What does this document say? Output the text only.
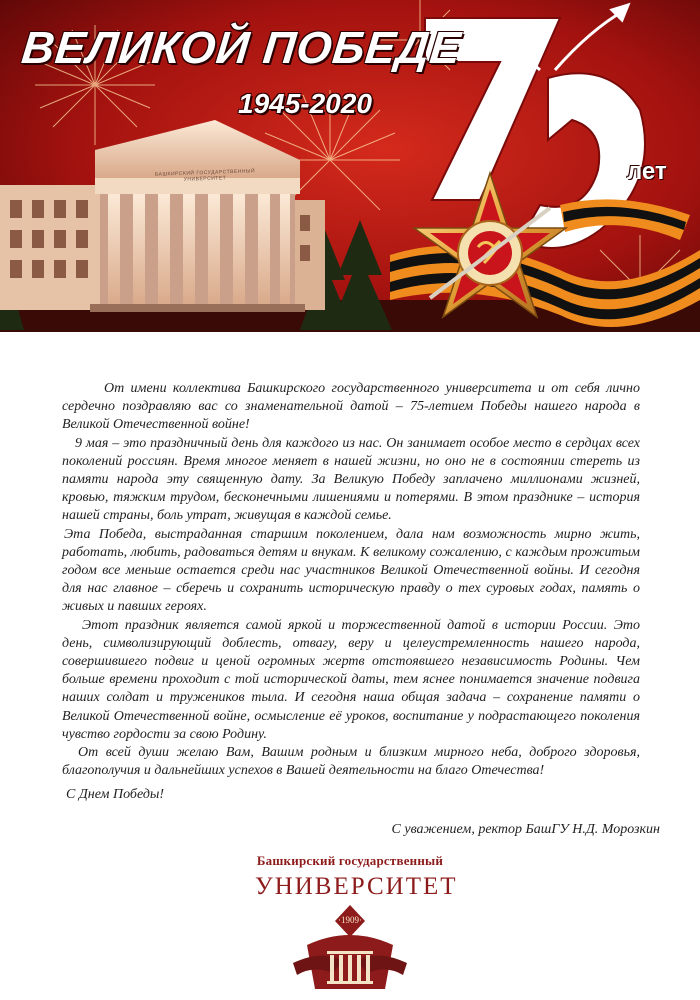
ВЕЛИКОЙ ПОБЕДЕ
1945-2020
лет
БАШКИРСКИЙ ГОСУДАРСТВЕННЫЙ УНИВЕРСИТЕТ

От имени коллектива Башкирского государственного университета и от себя лично сердечно поздравляю вас со знаменательной датой – 75-летием Победы нашего народа в Великой Отечественной войне!

9 мая – это праздничный день для каждого из нас. Он занимает особое место в сердцах всех поколений россиян. Время многое меняет в нашей жизни, но оно не в состоянии стереть из памяти народа эту священную дату. За Великую Победу заплачено миллионами жизней, кровью, тяжким трудом, бесконечными лишениями и потерями. В этом празднике – история нашей страны, боль утрат, живущая в каждой семье.

Эта Победа, выстраданная старшим поколением, дала нам возможность мирно жить, работать, любить, радоваться детям и внукам. К великому сожалению, с каждым прожитым годом все меньше остается среди нас участников Великой Отечественной войны. И сегодня для нас главное – сберечь и сохранить историческую правду о тех суровых годах, память о живых и павших героях.

Этот праздник является самой яркой и торжественной датой в истории России. Это день, символизирующий доблесть, отвагу, веру и целеустремленность нашего народа, совершившего подвиг и ценой огромных жертв отстоявшего независимость Родины. Чем больше времени проходит с той исторической даты, тем яснее понимается значение подвига наших солдат и тружеников тыла. И сегодня наша общая задача – сохранение памяти о Великой Отечественной войне, осмысление её уроков, воспитание у подрастающего поколения чувство гордости за свою Родину.

От всей души желаю Вам, Вашим родным и близким мирного неба, доброго здоровья, благополучия и дальнейших успехов в Вашей деятельности на благо Отечества!

С Днем Победы!
С уважением, ректор БашГУ Н.Д. Морозкин
Башкирский государственный
УНИВЕРСИТЕТ
·1909·
